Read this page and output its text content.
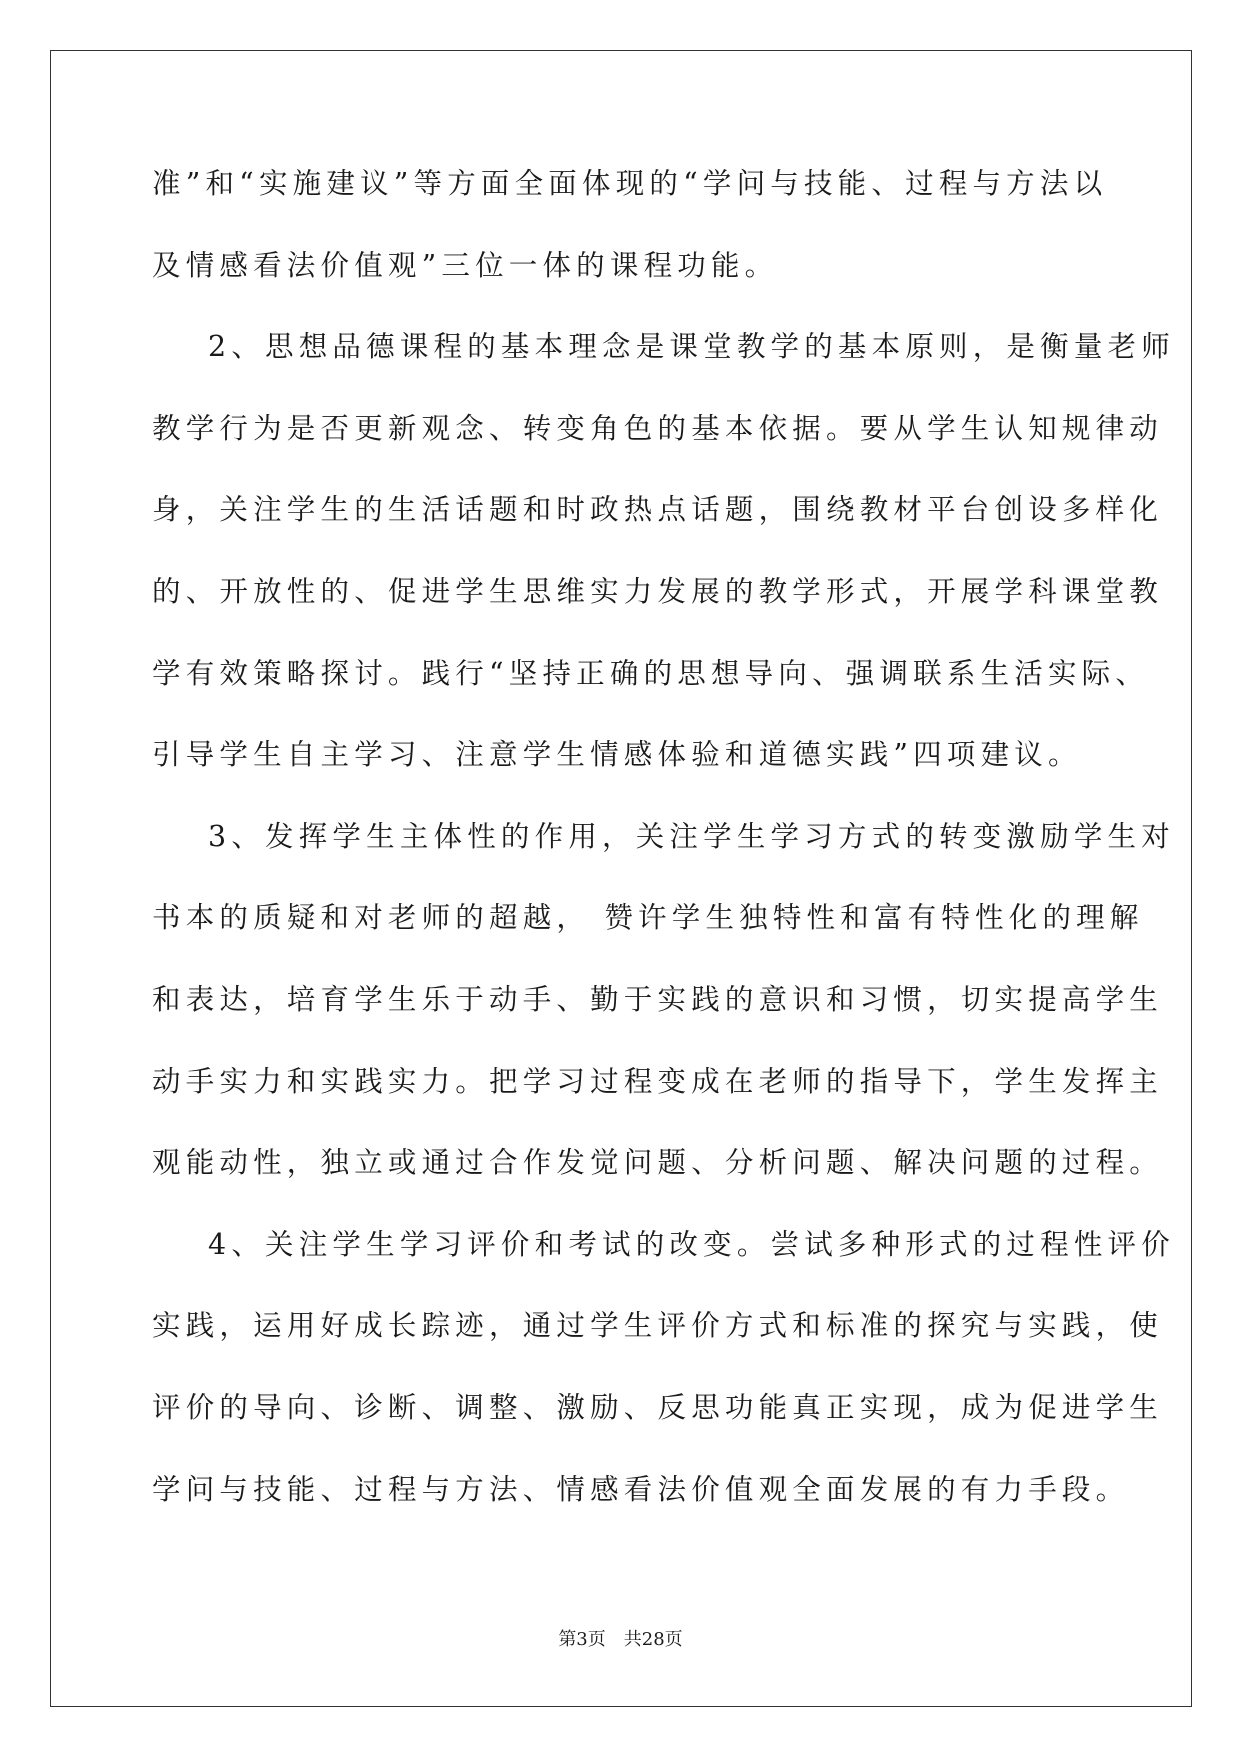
准”和“实施建议”等方面全面体现的“学问与技能、过程与方法以
及情感看法价值观”三位一体的课程功能。
2、思想品德课程的基本理念是课堂教学的基本原则，是衡量老师
教学行为是否更新观念、转变角色的基本依据。要从学生认知规律动
身，关注学生的生活话题和时政热点话题，围绕教材平台创设多样化
的、开放性的、促进学生思维实力发展的教学形式，开展学科课堂教
学有效策略探讨。践行“坚持正确的思想导向、强调联系生活实际、
引导学生自主学习、注意学生情感体验和道德实践”四项建议。
3、发挥学生主体性的作用，关注学生学习方式的转变激励学生对
书本的质疑和对老师的超越， 赞许学生独特性和富有特性化的理解
和表达，培育学生乐于动手、勤于实践的意识和习惯，切实提高学生
动手实力和实践实力。把学习过程变成在老师的指导下，学生发挥主
观能动性，独立或通过合作发觉问题、分析问题、解决问题的过程。
4、关注学生学习评价和考试的改变。尝试多种形式的过程性评价
实践，运用好成长踪迹，通过学生评价方式和标准的探究与实践，使
评价的导向、诊断、调整、激励、反思功能真正实现，成为促进学生
学问与技能、过程与方法、情感看法价值观全面发展的有力手段。
第3页 共28页
